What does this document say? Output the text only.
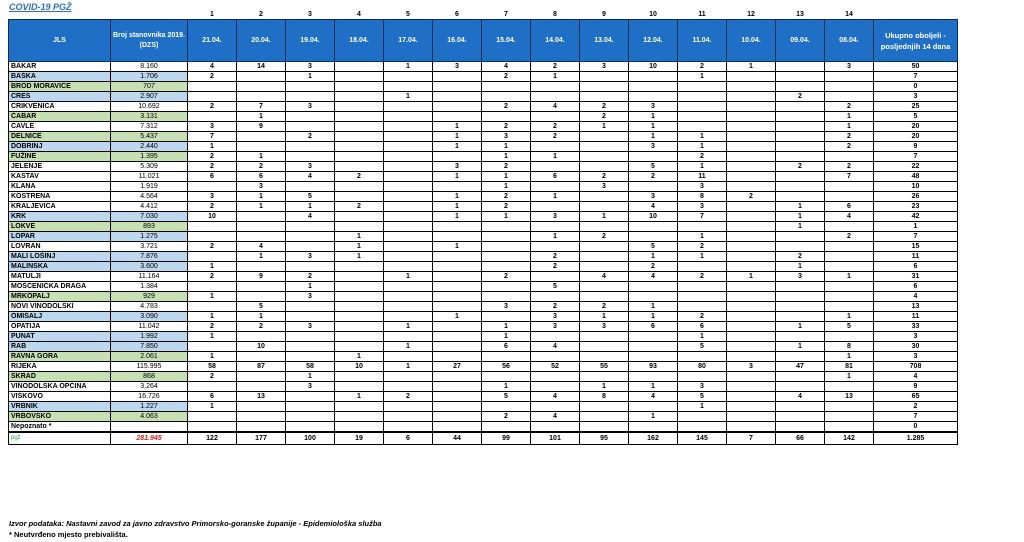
COVID-19 PGŽ
		1	2	3	4	5	6	7	8	9	10	11	12	13	14	
JLS	Broj stanovnika 2019. (DZS)	21.04.	20.04.	19.04.	18.04.	17.04.	16.04.	15.04.	14.04.	13.04.	12.04.	11.04.	10.04.	09.04.	08.04.	Ukupno oboljeli - posljednjih 14 dana
BAKAR	8.160	4	14	3		1	3	4	2	3	10	2	1		3	50
BAŠKA	1.706	2		1				2	1			1				7
BROD MORAVICE	707															0
CRES	2.907					1								2		3
CRIKVENICA	10.692	2	7	3				2	4	2	3				2	25
ČABAR	3.131		1							2	1				1	5
ČAVLE	7.312	3	9				1	2	2	1	1				1	20
DELNICE	5.437	7		2			1	3	2		1	1			2	20
DOBRINJ	2.440	1					1	1			3	1			2	9
FUŽINE	1.395	2	1					1	1			2				7
JELENJE	5.309	2	2	3			3	2			5	1		2	2	22
KASTAV	11.021	6	6	4	2		1	1	6	2	2	11			7	48
KLANA	1.919		3					1		3		3				10
KOSTRENA	4.564	3	1	5			1	2	1		3	8	2			26
KRALJEVICA	4.412	2	1	1	2		1	2			4	3		1	6	23
KRK	7.030	10		4			1	1	3	1	10	7		1	4	42
LOKVE	893													1		1
LOPAR	1.275				1				1	2		1			2	7
LOVRAN	3.721	2	4		1		1				5	2				15
MALI LOŠINJ	7.876		1	3	1				2		1	1		2		11
MALINSKA	3.600	1							2		2			1		6
MATULJI	11.164	2	9	2		1		2		4	4	2	1	3	1	31
MOŠĆENIČKA DRAGA	1.384			1					5							6
MRKOPALJ	929	1		3												4
NOVI VINODOLSKI	4.783		5					3	2	2	1					13
OMIŠALJ	3.090	1	1				1		3	1	1	2			1	11
OPATIJA	11.042	2	2	3		1		1	3	3	6	6		1	5	33
PUNAT	1.992	1						1				1				3
RAB	7.850		10			1		6	4			5		1	8	30
RAVNA GORA	2.061	1			1										1	3
RIJEKA	115.995	58	87	58	10	1	27	56	52	55	93	80	3	47	81	708
SKRAD	868	2		1											1	4
VINODOLSKA OPĆINA	3.264			3				1		1	1	3				9
VIŠKOVO	16.726	6	13		1	2		5	4	8	4	5		4	13	65
VRBNIK	1.227	1										1				2
VRBOVSKO	4.063							2	4		1					7
Nepoznato *																0
pgž	281.945	122	177	100	19	6	44	99	101	95	162	145	7	66	142	1.285
Izvor podataka: Nastavni zavod za javno zdravstvo Primorsko-goranske županije - Epidemiološka služba
* Neutvrđeno mjesto prebivališta.
